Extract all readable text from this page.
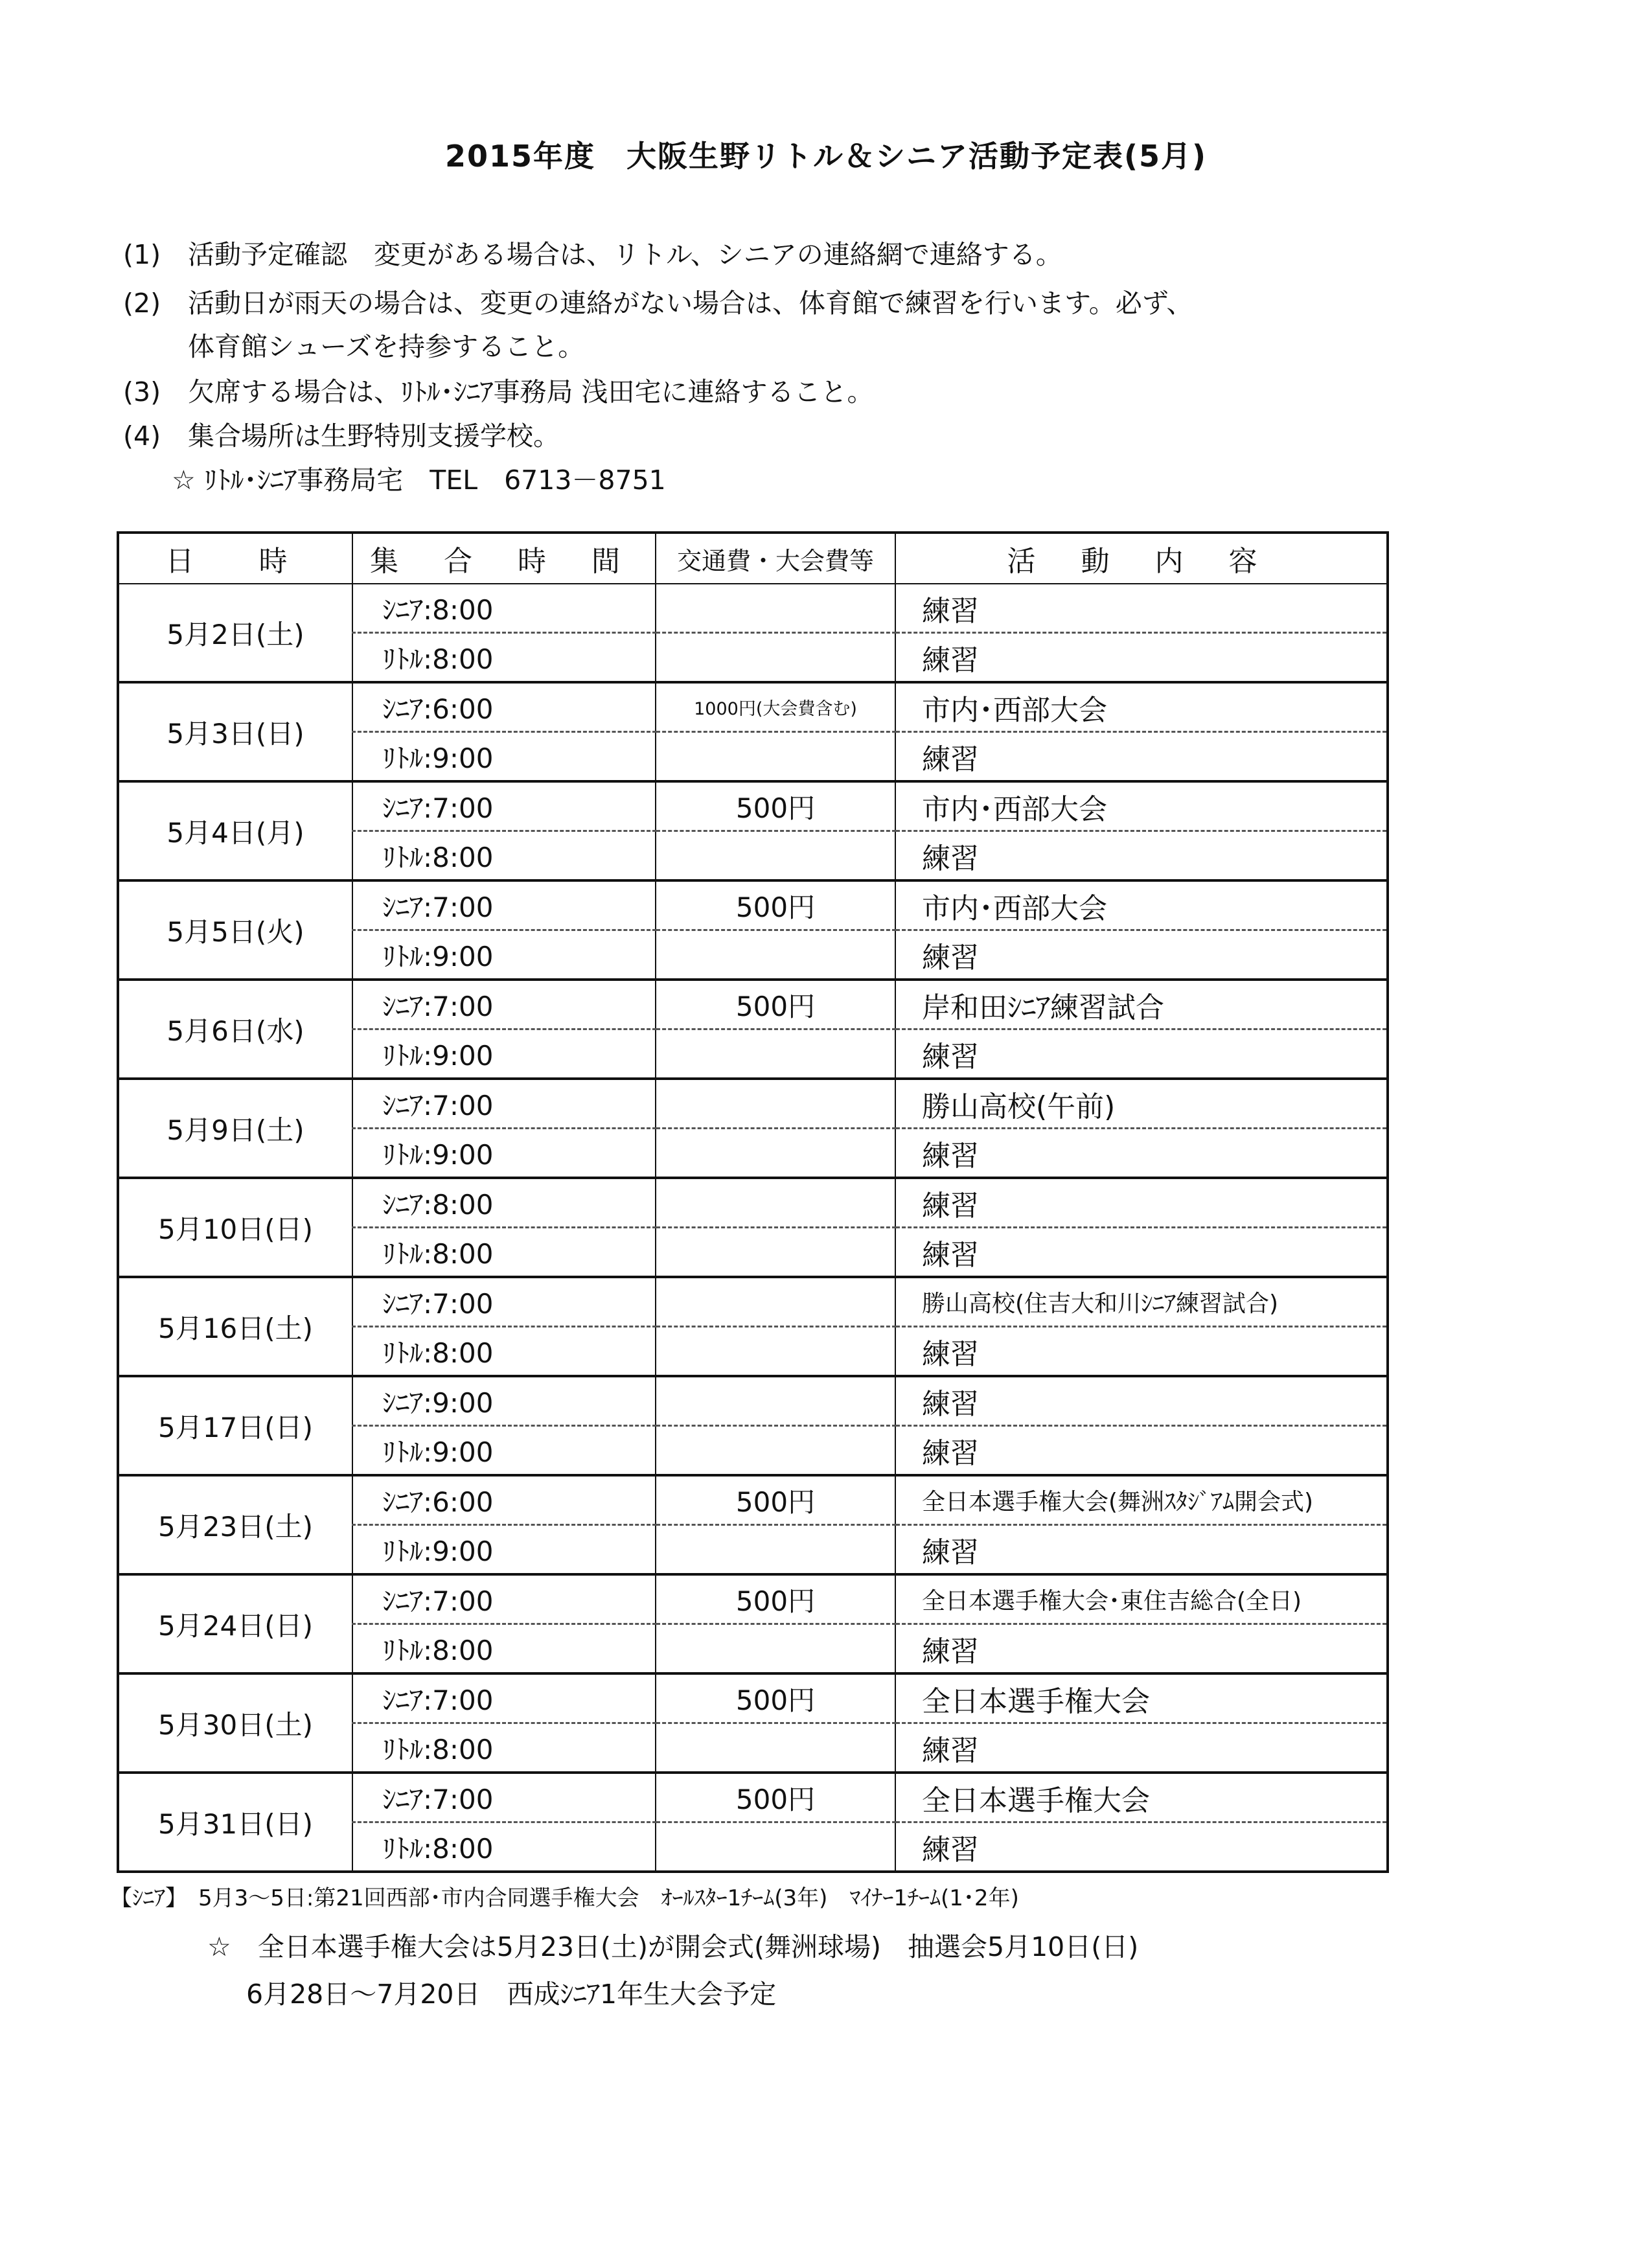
2015年度　大阪生野リトル＆シニア活動予定表(5月)
(1) 活動予定確認　変更がある場合は、リトル、シニアの連絡網で連絡する。
(2) 活動日が雨天の場合は、変更の連絡がない場合は、体育館で練習を行います。必ず、
体育館シューズを持参すること。
(3) 欠席する場合は、ﾘﾄﾙ･ｼﾆｱ事務局 浅田宅に連絡すること。
(4) 集合場所は生野特別支援学校。
☆ ﾘﾄﾙ･ｼﾆｱ事務局宅　TEL　6713－8751
日　時	集 合 時 間	交通費・大会費等	活 動 内 容
5月2日(土)	ｼﾆｱ:8:00		練習
	ﾘﾄﾙ:8:00		練習
5月3日(日)	ｼﾆｱ:6:00	1000円(大会費含む)	市内･西部大会
	ﾘﾄﾙ:9:00		練習
5月4日(月)	ｼﾆｱ:7:00	500円	市内･西部大会
	ﾘﾄﾙ:8:00		練習
5月5日(火)	ｼﾆｱ:7:00	500円	市内･西部大会
	ﾘﾄﾙ:9:00		練習
5月6日(水)	ｼﾆｱ:7:00	500円	岸和田ｼﾆｱ練習試合
	ﾘﾄﾙ:9:00		練習
5月9日(土)	ｼﾆｱ:7:00		勝山高校(午前)
	ﾘﾄﾙ:9:00		練習
5月10日(日)	ｼﾆｱ:8:00		練習
	ﾘﾄﾙ:8:00		練習
5月16日(土)	ｼﾆｱ:7:00		勝山高校(住吉大和川ｼﾆｱ練習試合)
	ﾘﾄﾙ:8:00		練習
5月17日(日)	ｼﾆｱ:9:00		練習
	ﾘﾄﾙ:9:00		練習
5月23日(土)	ｼﾆｱ:6:00	500円	全日本選手権大会(舞洲ｽﾀｼﾞｱﾑ開会式)
	ﾘﾄﾙ:9:00		練習
5月24日(日)	ｼﾆｱ:7:00	500円	全日本選手権大会･東住吉総合(全日)
	ﾘﾄﾙ:8:00		練習
5月30日(土)	ｼﾆｱ:7:00	500円	全日本選手権大会
	ﾘﾄﾙ:8:00		練習
5月31日(日)	ｼﾆｱ:7:00	500円	全日本選手権大会
	ﾘﾄﾙ:8:00		練習
【ｼﾆｱ】　5月3～5日:第21回西部･市内合同選手権大会　ｵｰﾙｽﾀｰ1ﾁｰﾑ(3年)　ﾏｲﾅｰ1ﾁｰﾑ(1･2年)
☆　全日本選手権大会は5月23日(土)が開会式(舞洲球場)　抽選会5月10日(日)
6月28日～7月20日　西成ｼﾆｱ1年生大会予定
